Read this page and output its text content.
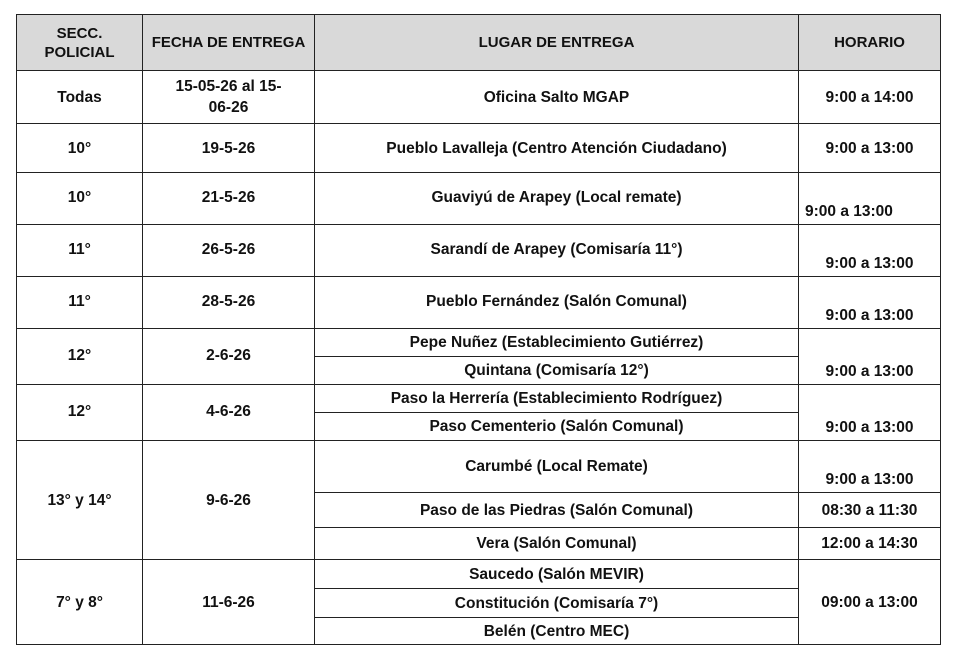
SECC. POLICIAL	FECHA DE ENTREGA	LUGAR DE ENTREGA	HORARIO
Todas	15-05-26 al 15-06-26	Oficina Salto MGAP	9:00 a 14:00
10°	19-5-26	Pueblo Lavalleja (Centro Atención Ciudadano)	9:00 a 13:00
10°	21-5-26	Guaviyú de Arapey (Local remate)	9:00 a 13:00
11°	26-5-26	Sarandí de Arapey (Comisaría 11°)	9:00 a 13:00
11°	28-5-26	Pueblo Fernández (Salón Comunal)	9:00 a 13:00
12°	2-6-26	Pepe Nuñez (Establecimiento Gutiérrez)	9:00 a 13:00
		Quintana (Comisaría 12°)	
12°	4-6-26	Paso la Herrería (Establecimiento Rodríguez)	9:00 a 13:00
		Paso Cementerio (Salón Comunal)	
13° y 14°	9-6-26	Carumbé (Local Remate)	9:00 a 13:00
		Paso de las Piedras (Salón Comunal)	08:30 a 11:30
		Vera (Salón Comunal)	12:00 a 14:30
7° y 8°	11-6-26	Saucedo (Salón MEVIR)	09:00 a 13:00
		Constitución (Comisaría 7°)	
		Belén (Centro MEC)	
